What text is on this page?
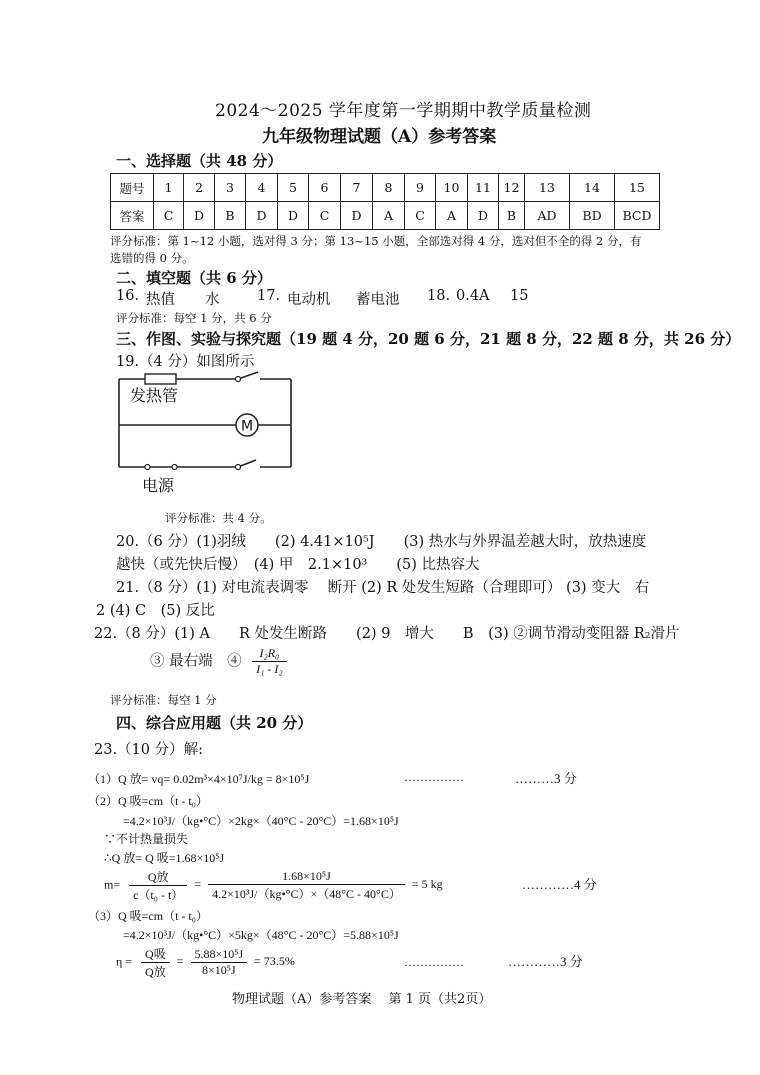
2024～2025 学年度第一学期期中教学质量检测
九年级物理试题（A）参考答案
一、选择题（共 48 分）
题号	1	2	3	4	5	6	7	8	9	10	11	12	13	14	15
答案	C	D	B	D	D	C	D	A	C	A	D	B	AD	BD	BCD
评分标准：第 1~12 小题，选对得 3 分；第 13~15 小题，全部选对得 4 分，选对但不全的得 2 分，有
选错的得 0 分。
二、填空题（共 6 分）
16. 热值 水	17. 电动机 蓄电池 18. 0.4A 15
评分标准：每空 1 分，共 6 分
三、作图、实验与探究题（19 题 4 分，20 题 6 分，21 题 8 分，22 题 8 分，共 26 分）
19.（4 分）如图所示
M
发热管
电源
评分标准：共 4 分。
20.（6 分）(1)羽绒　　(2) 4.41×10⁵J　　(3) 热水与外界温差越大时，放热速度
越快（或先快后慢）　(4) 甲　2.1×10³　　(5) 比热容大
21.（8 分）(1) 对电流表调零　 断开 (2) R 处发生短路（合理即可） (3) 变大　右
2 (4) C　(5) 反比
22.（8 分）(1) A　　R 处发生断路　　(2) 9　增大　　B　(3) ②调节滑动变阻器 R₂滑片
③ 最右端　④ $\frac{\text{I₂R₀}}{\text{I₁ - I₂}}$
评分标准：每空 1 分
四、综合应用题（共 20 分）
23.（10 分）解:
（1）Q 放= vq= 0.02m³×4×10⁷J/kg = 8×10⁵J	……………	………3 分
（2）Q 吸=cm（t - t₀）
=4.2×10³J/（kg•°C）×2kg×（40°C - 20°C）=1.68×10⁵J
∵不计热量损失
∴Q 放= Q 吸=1.68×10⁵J
$m= \frac{\text{Q放}}{\text{c（t₀ - t）}} = \frac{\text{1.68×10⁵J}}{\text{4.2×10³J/（kg•°C）×（48°C - 40°C）}} = 5$ kg	…………4 分
（3）Q 吸=cm（t - t₀）
=4.2×10³J/（kg•°C）×5kg×（48°C - 20°C）=5.88×10⁵J
$\eta = \frac{\text{Q吸}}{\text{Q放}} = \frac{\text{5.88×10⁵J}}{\text{8×10⁵J}} = 73.5\%$	……………	…………3 分
物理试题（A）参考答案　 第 1 页（共2页）
